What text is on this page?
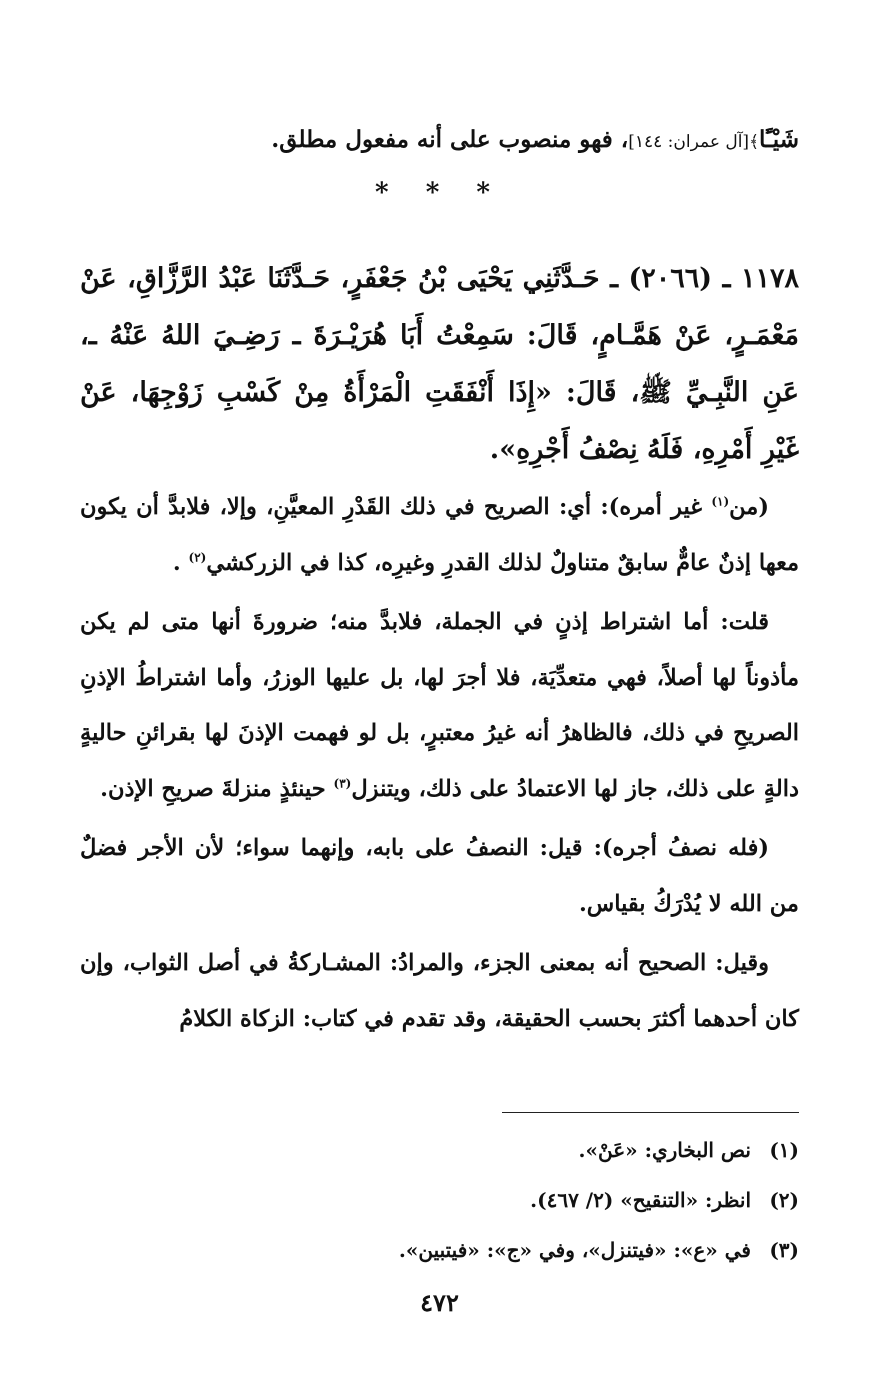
شَيْـًٔا﴾[آل عمران: ١٤٤]، فهو منصوب على أنه مفعول مطلق.
* * *
١١٧٨ ـ (٢٠٦٦) ـ حَـدَّثَنِي يَحْيَى بْنُ جَعْفَرٍ، حَـدَّثَنَا عَبْدُ الرَّزَّاقِ، عَنْ مَعْمَـرٍ، عَنْ هَمَّـامٍ، قَالَ: سَمِعْتُ أَبَا هُرَيْـرَةَ ـ رَضِـيَ اللهُ عَنْهُ ـ، عَنِ النَّبِـيِّ ﷺ، قَالَ: «إِذَا أَنْفَقَتِ الْمَرْأَةُ مِنْ كَسْبِ زَوْجِهَا، عَنْ غَيْرِ أَمْرِهِ، فَلَهُ نِصْفُ أَجْرِهِ».

(من$^{(١)}$ غير أمره): أي: الصريح في ذلك القَدْرِ المعيَّنِ، وإلا، فلابدَّ أن يكون معها إذنٌ عامٌّ سابقٌ متناولٌ لذلك القدرِ وغيرِه، كذا في الزركشي$^{(٢)}$ .

قلت: أما اشتراط إذنٍ في الجملة، فلابدَّ منه؛ ضرورةَ أنها متى لم يكن مأذوناً لها أصلاً، فهي متعدِّيَة، فلا أجرَ لها، بل عليها الوزرُ، وأما اشتراطُ الإذنِ الصريحِ في ذلك، فالظاهرُ أنه غيرُ معتبرٍ، بل لو فهمت الإذنَ لها بقرائنِ حاليةٍ دالةٍ على ذلك، جاز لها الاعتمادُ على ذلك، ويتنزل$^{(٣)}$ حينئذٍ منزلةَ صريحِ الإذن.

(فله نصفُ أجره): قيل: النصفُ على بابه، وإنهما سواء؛ لأن الأجر فضلٌ من الله لا يُدْرَكُ بقياس.

وقيل: الصحيح أنه بمعنى الجزء، والمرادُ: المشـاركةُ في أصل الثواب، وإن كان أحدهما أكثرَ بحسب الحقيقة، وقد تقدم في كتاب: الزكاة الكلامُ

(١)نص البخاري: «عَنْ».
(٢)انظر: «التنقيح» (٢/ ٤٦٧).
(٣)في «ع»: «فيتنزل»، وفي «ج»: «فيتبين».
٤٧٢
